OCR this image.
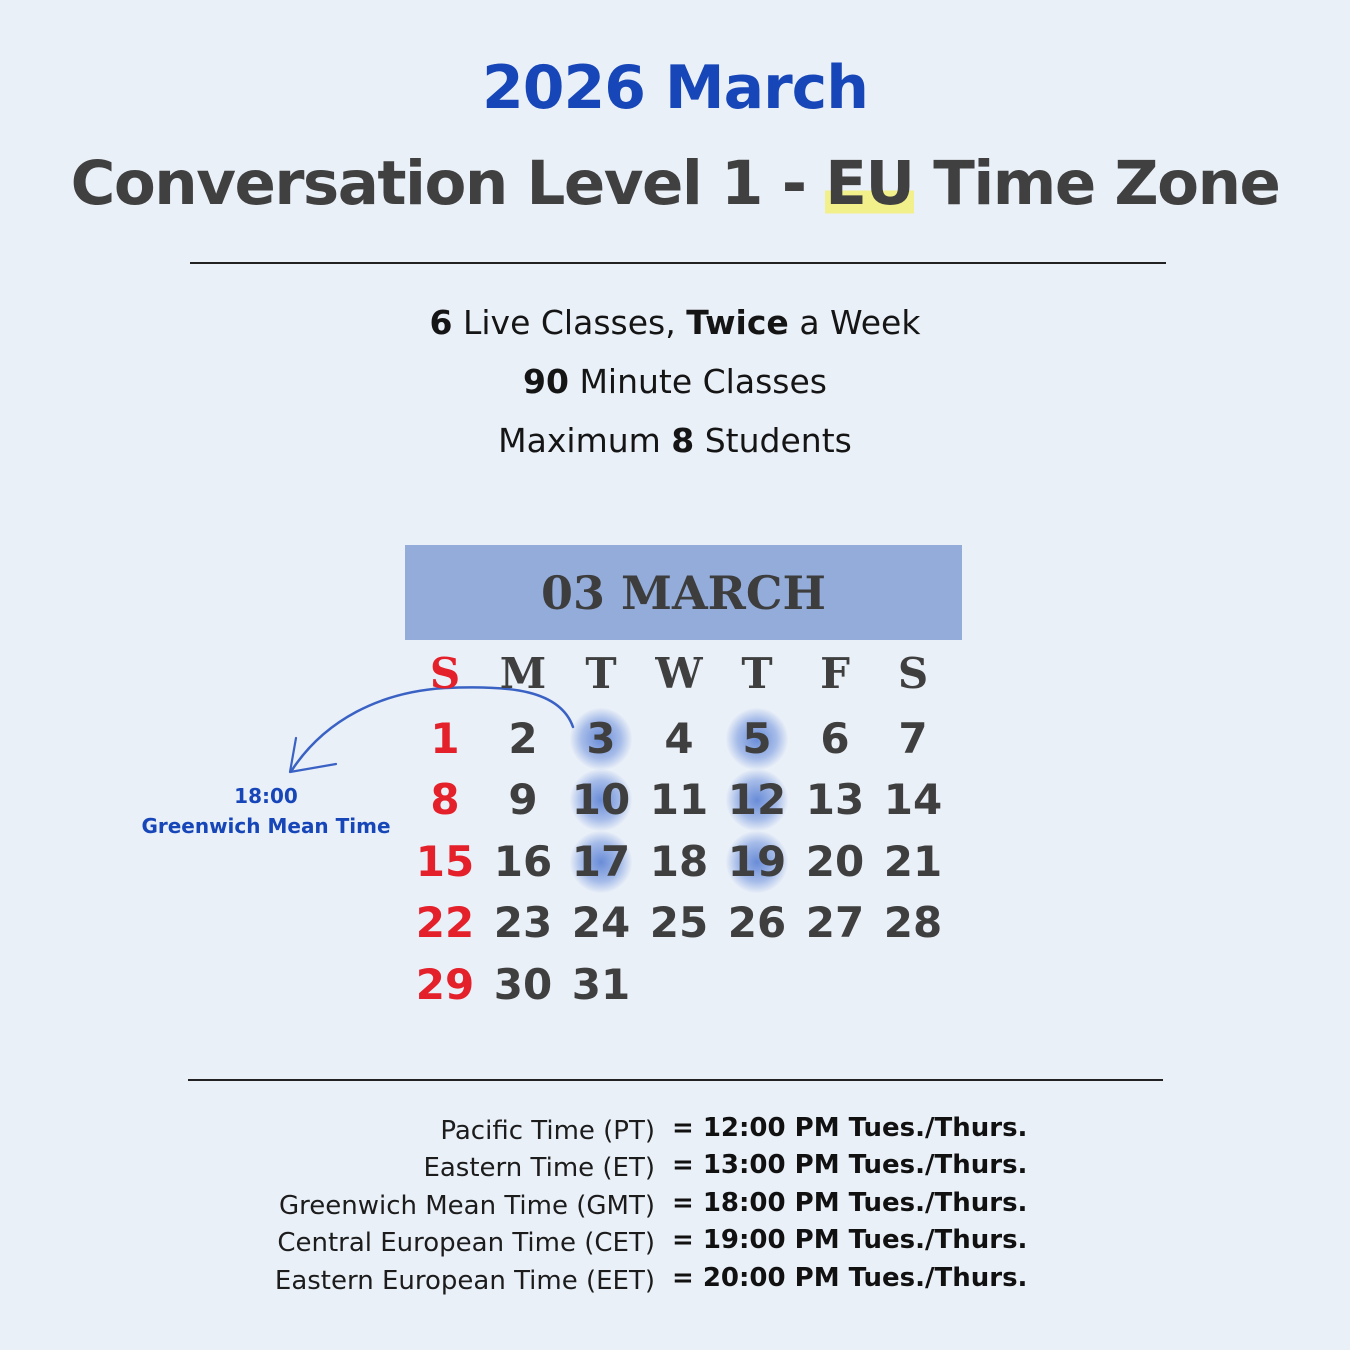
2026 March
Conversation Level 1 - EU Time Zone
6 Live Classes, Twice a Week
90 Minute Classes
Maximum 8 Students
03 MARCH
S M T W T	F	S
1	2	3	4	5	6	7
8	9 10 11 12 13 14
15 16 17 18 19 20 21
22 23 24 25 26 27 28
29 30 31
18:00
Greenwich Mean Time
Pacific Time (PT) = 12:00 PM Tues./Thurs.
Eastern Time (ET) = 13:00 PM Tues./Thurs.
Greenwich Mean Time (GMT) = 18:00 PM Tues./Thurs.
Central European Time (CET) = 19:00 PM Tues./Thurs.
Eastern European Time (EET) = 20:00 PM Tues./Thurs.
